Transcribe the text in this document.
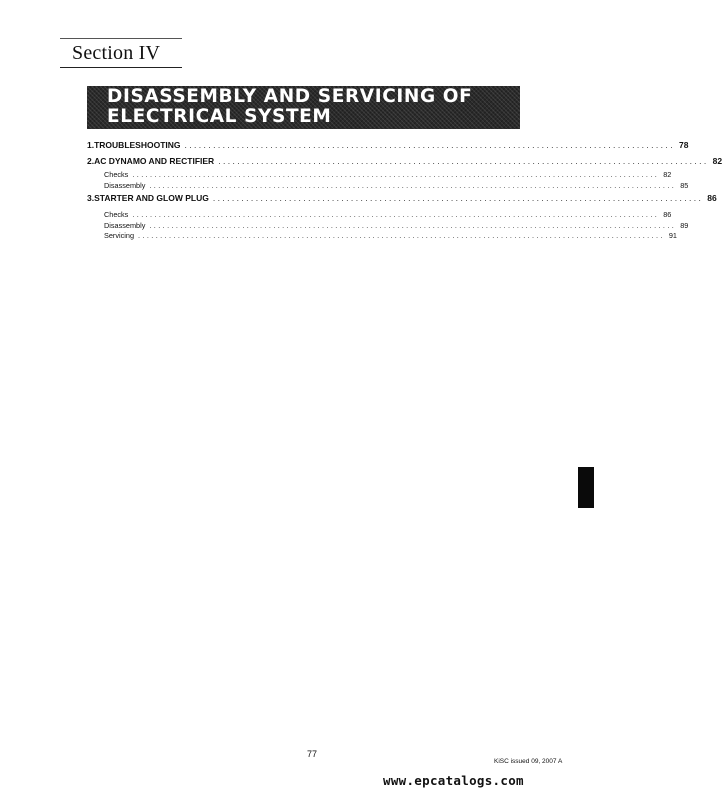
Section IV
DISASSEMBLY AND SERVICING OF
ELECTRICAL SYSTEM
1. TROUBLESHOOTING ....................................................................................................... 78
2. AC DYNAMO AND RECTIFIER ....................................................................................................... 82
Checks ....................................................................................................................... 82
Disassembly ....................................................................................................................... 85
3. STARTER AND GLOW PLUG ....................................................................................................... 86
Checks ....................................................................................................................... 86
Disassembly ....................................................................................................................... 89
Servicing ....................................................................................................................... 91
77
KiSC issued 09, 2007 A
www.epcatalogs.com
